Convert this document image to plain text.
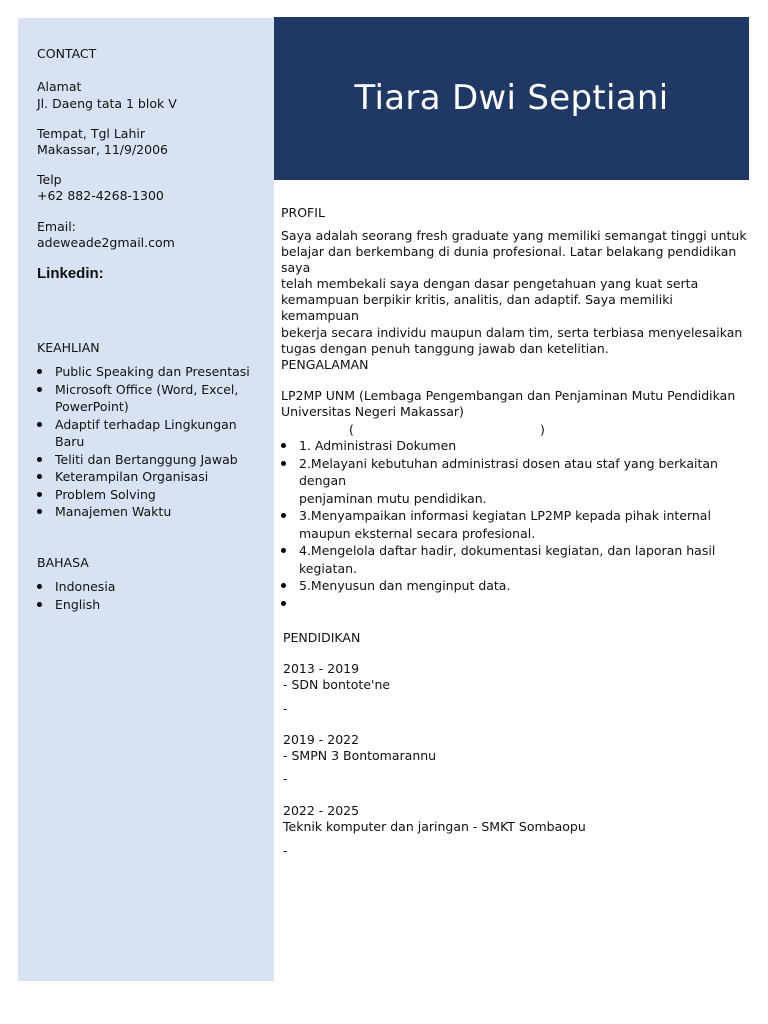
Tiara Dwi Septiani
CONTACT
Alamat
Jl. Daeng tata 1 blok V
Tempat, Tgl Lahir
Makassar, 11/9/2006
Telp
+62 882-4268-1300
Email:
adeweade2gmail.com
Linkedin:
KEAHLIAN
Public Speaking dan Presentasi
Microsoft Office (Word, Excel,
PowerPoint)
Adaptif terhadap Lingkungan Baru
Teliti dan Bertanggung Jawab
Keterampilan Organisasi
Problem Solving
Manajemen Waktu
BAHASA
Indonesia
English
PROFIL
Saya adalah seorang fresh graduate yang memiliki semangat tinggi untuk
belajar dan berkembang di dunia profesional. Latar belakang pendidikan saya
telah membekali saya dengan dasar pengetahuan yang kuat serta
kemampuan berpikir kritis, analitis, dan adaptif. Saya memiliki kemampuan
bekerja secara individu maupun dalam tim, serta terbiasa menyelesaikan
tugas dengan penuh tanggung jawab dan ketelitian.
PENGALAMAN
LP2MP UNM (Lembaga Pengembangan dan Penjaminan Mutu Pendidikan
Universitas Negeri Makassar)
(	)
1. Administrasi Dokumen
2.Melayani kebutuhan administrasi dosen atau staf yang berkaitan dengan
penjaminan mutu pendidikan.
3.Menyampaikan informasi kegiatan LP2MP kepada pihak internal
maupun eksternal secara profesional.
4.Mengelola daftar hadir, dokumentasi kegiatan, dan laporan hasil
kegiatan.
5.Menyusun dan menginput data.
PENDIDIKAN
2013 - 2019
- SDN bontote'ne
-
2019 - 2022
- SMPN 3 Bontomarannu
-
2022 - 2025
Teknik komputer dan jaringan - SMKT Sombaopu
-
